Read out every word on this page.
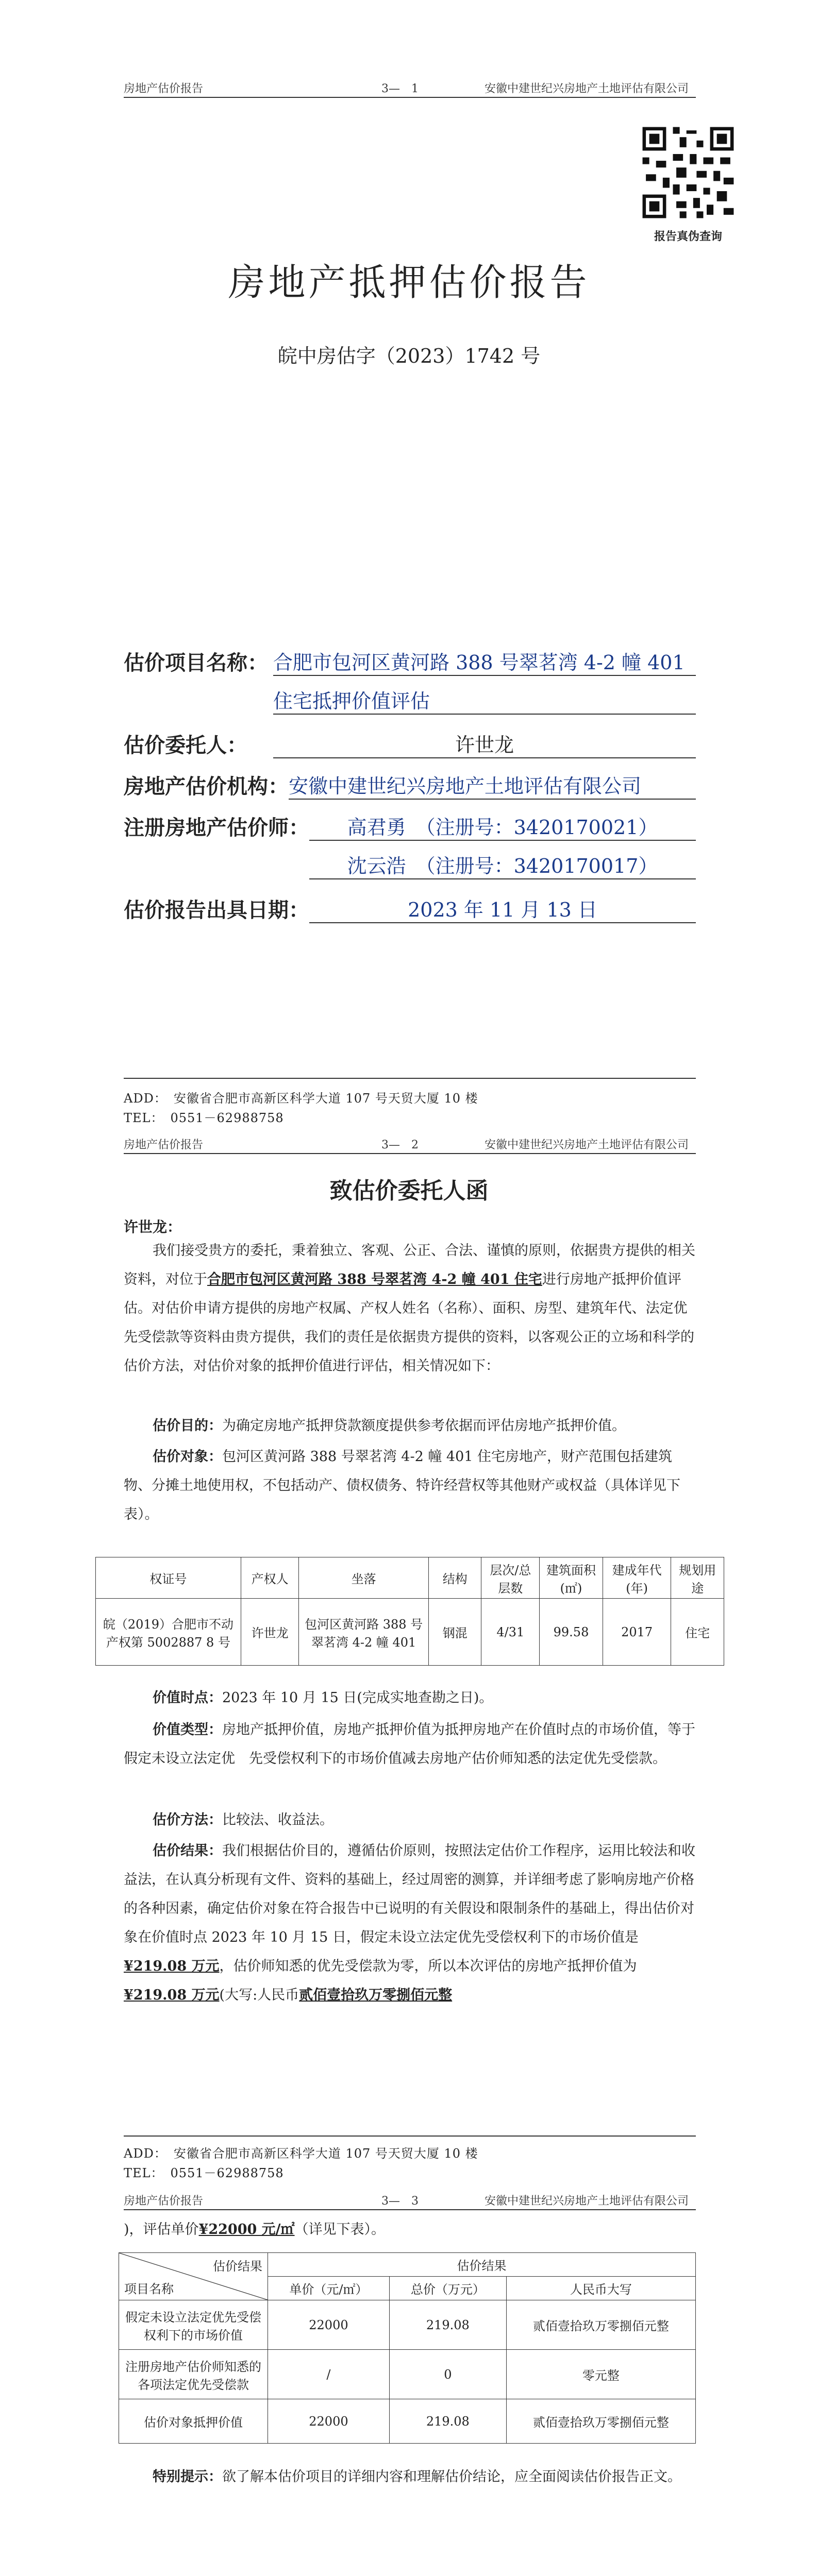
房地产估价报告	3—　1	安徽中建世纪兴房地产土地评估有限公司
报告真伪查询
房地产抵押估价报告
皖中房估字（2023）1742 号
估价项目名称： 合肥市包河区黄河路 388 号翠茗湾 4-2 幢 401
住宅抵押价值评估
估价委托人：	许世龙
房地产估价机构： 安徽中建世纪兴房地产土地评估有限公司
注册房地产估价师：	高君勇　（注册号：3420170021）
沈云浩　（注册号：3420170017）
估价报告出具日期：	2023 年 11 月 13 日
ADD：　安徽省合肥市高新区科学大道 107 号天贸大厦 10 楼
TEL：　0551－62988758
房地产估价报告	3—　2	安徽中建世纪兴房地产土地评估有限公司
致估价委托人函
许世龙：
我们接受贵方的委托，秉着独立、客观、公正、合法、谨慎的原则，依据贵方提供的相关资料，对位于合肥市包河区黄河路 388 号翠茗湾 4-2 幢 401 住宅进行房地产抵押价值评估。对估价申请方提供的房地产权属、产权人姓名（名称）、面积、房型、建筑年代、法定优先受偿款等资料由贵方提供，我们的责任是依据贵方提供的资料，以客观公正的立场和科学的估价方法，对估价对象的抵押价值进行评估，相关情况如下：
估价目的：为确定房地产抵押贷款额度提供参考依据而评估房地产抵押价值。
估价对象：包河区黄河路 388 号翠茗湾 4-2 幢 401 住宅房地产，财产范围包括建筑物、分摊土地使用权，不包括动产、债权债务、特许经营权等其他财产或权益（具体详见下表）。
权证号	产权人	坐落	结构	层次/总层数	建筑面积(㎡)	建成年代(年)	规划用途
皖（2019）合肥市不动产权第 5002887 8 号	许世龙	包河区黄河路 388 号翠茗湾 4-2 幢 401	钢混	4/31	99.58	2017	住宅
价值时点：2023 年 10 月 15 日(完成实地查勘之日)。
价值类型：房地产抵押价值，房地产抵押价值为抵押房地产在价值时点的市场价值，等于假定未设立法定优　先受偿权利下的市场价值减去房地产估价师知悉的法定优先受偿款。
估价方法：比较法、收益法。
估价结果：我们根据估价目的，遵循估价原则，按照法定估价工作程序，运用比较法和收益法，在认真分析现有文件、资料的基础上，经过周密的测算，并详细考虑了影响房地产价格的各种因素，确定估价对象在符合报告中已说明的有关假设和限制条件的基础上，得出估价对象在价值时点 2023 年 10 月 15 日，假定未设立法定优先受偿权利下的市场价值是¥219.08 万元，估价师知悉的优先受偿款为零，所以本次评估的房地产抵押价值为¥219.08 万元(大写:人民币贰佰壹拾玖万零捌佰元整
ADD：　安徽省合肥市高新区科学大道 107 号天贸大厦 10 楼
TEL：　0551－62988758
房地产估价报告	3—　3	安徽中建世纪兴房地产土地评估有限公司
)，评估单价¥22000 元/㎡（详见下表）。
估价结果
项目名称	估价结果		
	单价（元/㎡）	总价（万元）	人民币大写
假定未设立法定优先受偿权利下的市场价值	22000	219.08	贰佰壹拾玖万零捌佰元整
注册房地产估价师知悉的各项法定优先受偿款	/	0	零元整
估价对象抵押价值	22000	219.08	贰佰壹拾玖万零捌佰元整
特别提示：欲了解本估价项目的详细内容和理解估价结论，应全面阅读估价报告正文。
